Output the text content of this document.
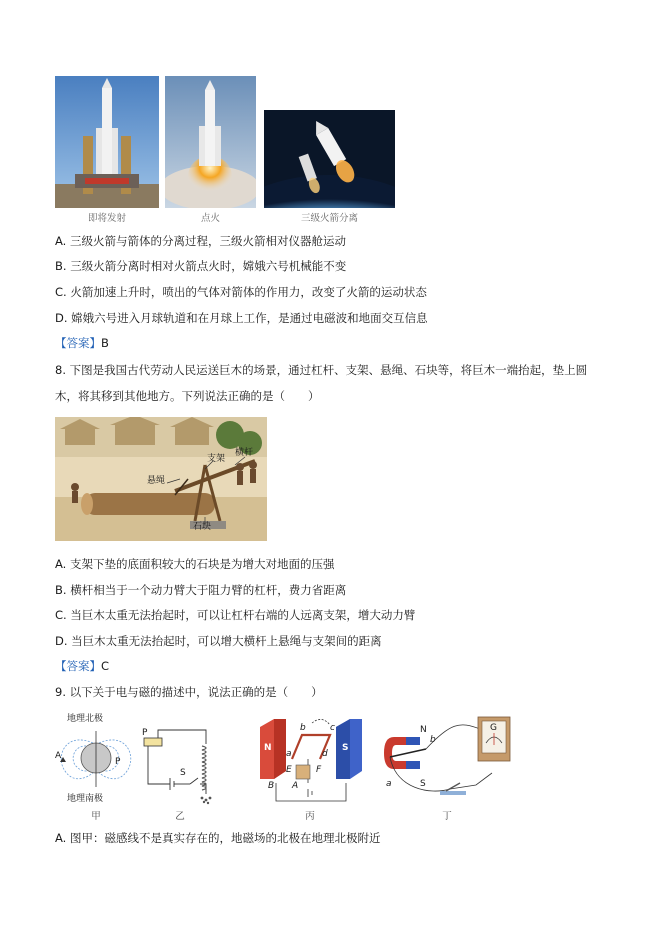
即将发射	点火	三级火箭分离
A. 三级火箭与箭体的分离过程，三级火箭相对仪器舱运动
B. 三级火箭分离时相对火箭点火时，嫦娥六号机械能不变
C. 火箭加速上升时，喷出的气体对箭体的作用力，改变了火箭的运动状态
D. 嫦娥六号进入月球轨道和在月球上工作，是通过电磁波和地面交互信息
【答案】B
8. 下图是我国古代劳动人民运送巨木的场景，通过杠杆、支架、悬绳、石块等，将巨木一端抬起，垫上圆
木，将其移到其他地方。下列说法正确的是（　　）
支架
横杆
悬绳
石块
A. 支架下垫的底面积较大的石块是为增大对地面的压强
B. 横杆相当于一个动力臂大于阻力臂的杠杆，费力省距离
C. 当巨木太重无法抬起时，可以让杠杆右端的人远离支架，增大动力臂
D. 当巨木太重无法抬起时，可以增大横杆上悬绳与支架间的距离
【答案】C
9. 以下关于电与磁的描述中，说法正确的是（　　）
地理北极
地理南极
A
P
甲
P
S
乙
N	S
b	c
a	d
E	F
B A
丙
N
S
b
a
G
丁
A. 图甲：磁感线不是真实存在的，地磁场的北极在地理北极附近
